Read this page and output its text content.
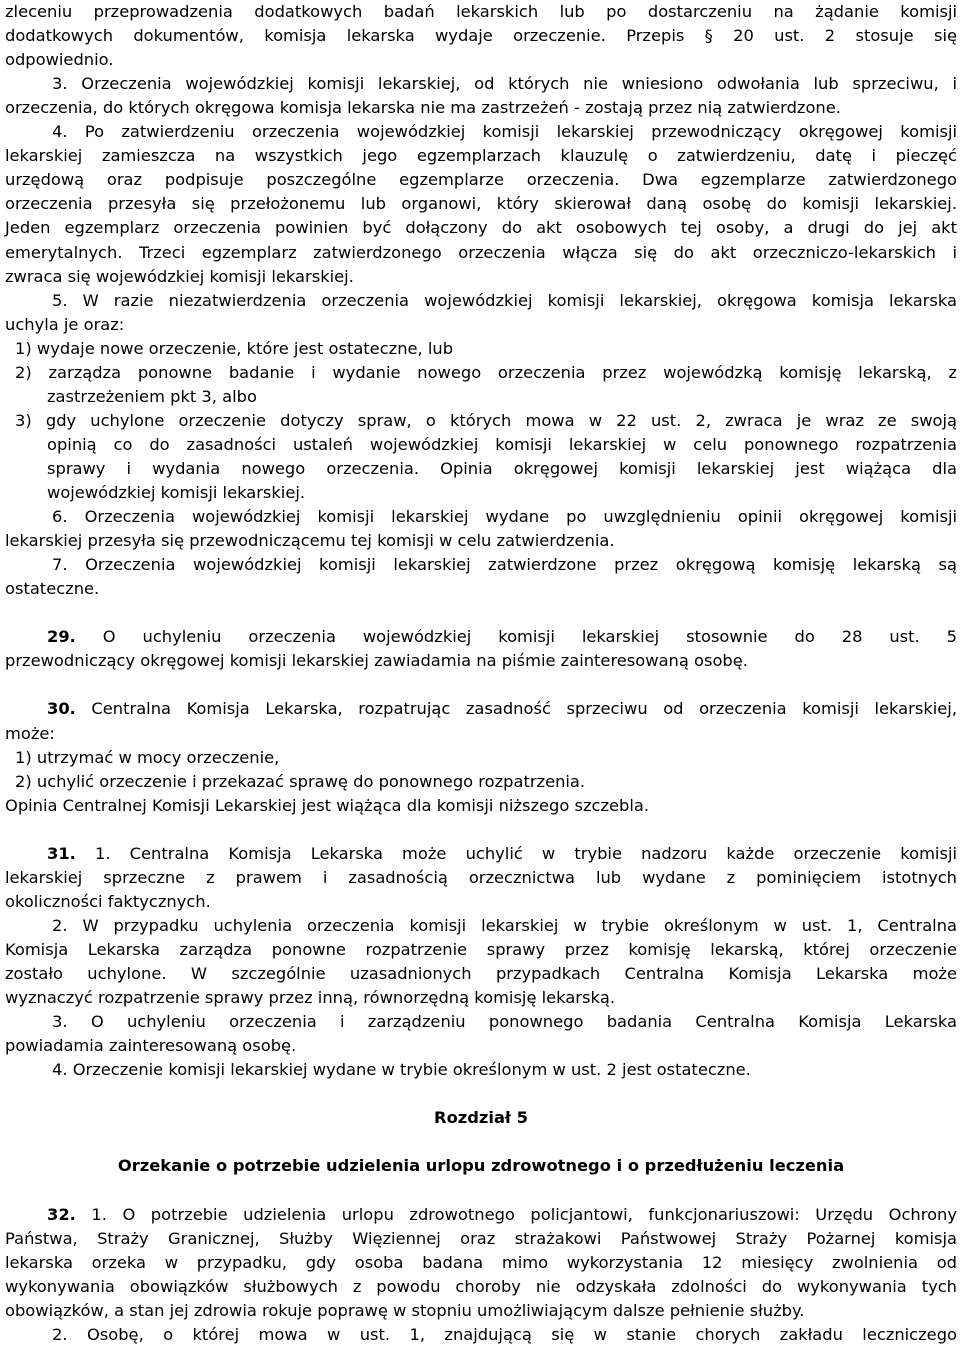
zleceniu przeprowadzenia dodatkowych badań lekarskich lub po dostarczeniu na żądanie komisji
dodatkowych dokumentów, komisja lekarska wydaje orzeczenie. Przepis § 20 ust. 2 stosuje się
odpowiednio.
3. Orzeczenia wojewódzkiej komisji lekarskiej, od których nie wniesiono odwołania lub sprzeciwu, i
orzeczenia, do których okręgowa komisja lekarska nie ma zastrzeżeń - zostają przez nią zatwierdzone.
4. Po zatwierdzeniu orzeczenia wojewódzkiej komisji lekarskiej przewodniczący okręgowej komisji
lekarskiej zamieszcza na wszystkich jego egzemplarzach klauzulę o zatwierdzeniu, datę i pieczęć
urzędową oraz podpisuje poszczególne egzemplarze orzeczenia. Dwa egzemplarze zatwierdzonego
orzeczenia przesyła się przełożonemu lub organowi, który skierował daną osobę do komisji lekarskiej.
Jeden egzemplarz orzeczenia powinien być dołączony do akt osobowych tej osoby, a drugi do jej akt
emerytalnych. Trzeci egzemplarz zatwierdzonego orzeczenia włącza się do akt orzeczniczo-lekarskich i
zwraca się wojewódzkiej komisji lekarskiej.
5. W razie niezatwierdzenia orzeczenia wojewódzkiej komisji lekarskiej, okręgowa komisja lekarska
uchyla je oraz:
1) wydaje nowe orzeczenie, które jest ostateczne, lub
2) zarządza ponowne badanie i wydanie nowego orzeczenia przez wojewódzką komisję lekarską, z
zastrzeżeniem pkt 3, albo
3) gdy uchylone orzeczenie dotyczy spraw, o których mowa w 22 ust. 2, zwraca je wraz ze swoją
opinią co do zasadności ustaleń wojewódzkiej komisji lekarskiej w celu ponownego rozpatrzenia
sprawy i wydania nowego orzeczenia. Opinia okręgowej komisji lekarskiej jest wiążąca dla
wojewódzkiej komisji lekarskiej.
6. Orzeczenia wojewódzkiej komisji lekarskiej wydane po uwzględnieniu opinii okręgowej komisji
lekarskiej przesyła się przewodniczącemu tej komisji w celu zatwierdzenia.
7. Orzeczenia wojewódzkiej komisji lekarskiej zatwierdzone przez okręgową komisję lekarską są
ostateczne.
29. O uchyleniu orzeczenia wojewódzkiej komisji lekarskiej stosownie do 28 ust. 5
przewodniczący okręgowej komisji lekarskiej zawiadamia na piśmie zainteresowaną osobę.
30. Centralna Komisja Lekarska, rozpatrując zasadność sprzeciwu od orzeczenia komisji lekarskiej,
może:
1) utrzymać w mocy orzeczenie,
2) uchylić orzeczenie i przekazać sprawę do ponownego rozpatrzenia.
Opinia Centralnej Komisji Lekarskiej jest wiążąca dla komisji niższego szczebla.
31. 1. Centralna Komisja Lekarska może uchylić w trybie nadzoru każde orzeczenie komisji
lekarskiej sprzeczne z prawem i zasadnością orzecznictwa lub wydane z pominięciem istotnych
okoliczności faktycznych.
2. W przypadku uchylenia orzeczenia komisji lekarskiej w trybie określonym w ust. 1, Centralna
Komisja Lekarska zarządza ponowne rozpatrzenie sprawy przez komisję lekarską, której orzeczenie
zostało uchylone. W szczególnie uzasadnionych przypadkach Centralna Komisja Lekarska może
wyznaczyć rozpatrzenie sprawy przez inną, równorzędną komisję lekarską.
3. O uchyleniu orzeczenia i zarządzeniu ponownego badania Centralna Komisja Lekarska
powiadamia zainteresowaną osobę.
4. Orzeczenie komisji lekarskiej wydane w trybie określonym w ust. 2 jest ostateczne.
Rozdział 5
Orzekanie o potrzebie udzielenia urlopu zdrowotnego i o przedłużeniu leczenia
32. 1. O potrzebie udzielenia urlopu zdrowotnego policjantowi, funkcjonariuszowi: Urzędu Ochrony
Państwa, Straży Granicznej, Służby Więziennej oraz strażakowi Państwowej Straży Pożarnej komisja
lekarska orzeka w przypadku, gdy osoba badana mimo wykorzystania 12 miesięcy zwolnienia od
wykonywania obowiązków służbowych z powodu choroby nie odzyskała zdolności do wykonywania tych
obowiązków, a stan jej zdrowia rokuje poprawę w stopniu umożliwiającym dalsze pełnienie służby.
2. Osobę, o której mowa w ust. 1, znajdującą się w stanie chorych zakładu leczniczego
